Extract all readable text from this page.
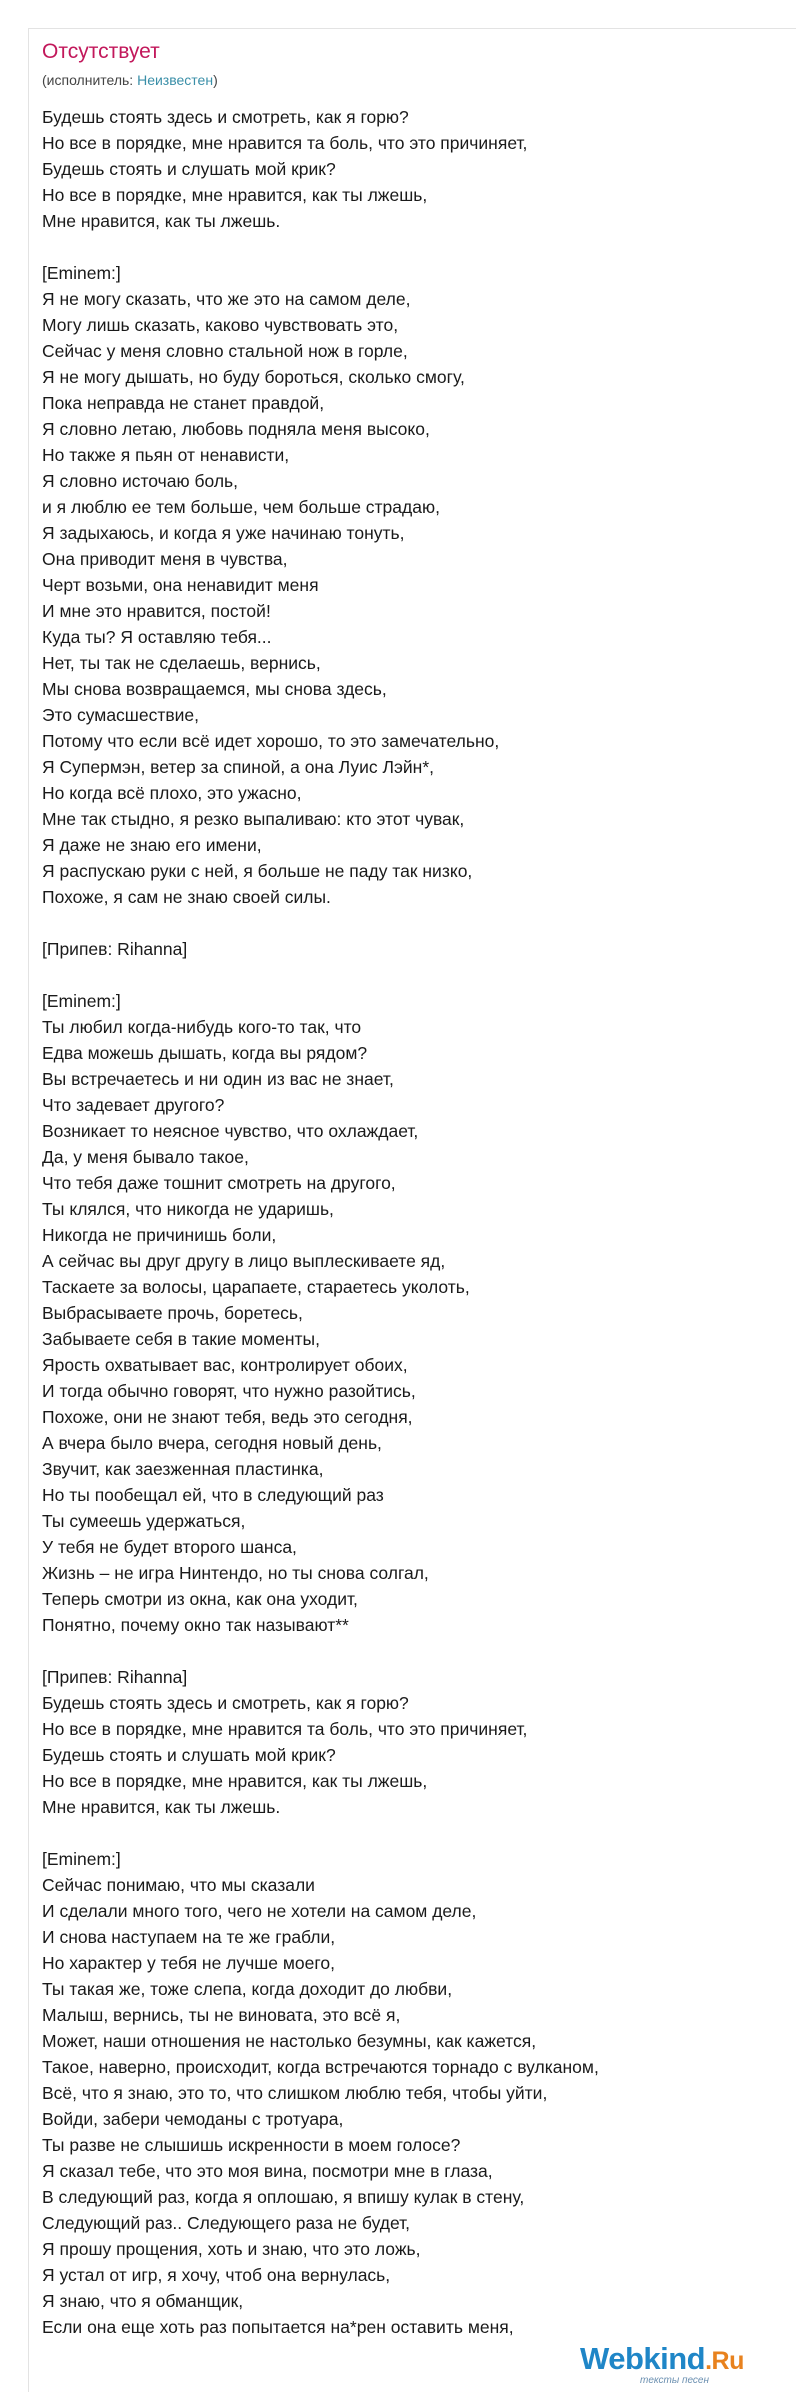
Отсутствует
(исполнитель: Неизвестен)
Будешь стоять здесь и смотреть, как я горю?
Но все в порядке, мне нравится та боль, что это причиняет,
Будешь стоять и слушать мой крик?
Но все в порядке, мне нравится, как ты лжешь,
Мне нравится, как ты лжешь.
[Eminem:]
Я не могу сказать, что же это на самом деле,
Могу лишь сказать, каково чувствовать это,
Сейчас у меня словно стальной нож в горле,
Я не могу дышать, но буду бороться, сколько смогу,
Пока неправда не станет правдой,
Я словно летаю, любовь подняла меня высоко,
Но также я пьян от ненависти,
Я словно источаю боль,
и я люблю ее тем больше, чем больше страдаю,
Я задыхаюсь, и когда я уже начинаю тонуть,
Она приводит меня в чувства,
Черт возьми, она ненавидит меня
И мне это нравится, постой!
Куда ты? Я оставляю тебя...
Нет, ты так не сделаешь, вернись,
Мы снова возвращаемся, мы снова здесь,
Это сумасшествие,
Потому что если всё идет хорошо, то это замечательно,
Я Супермэн, ветер за спиной, а она Луис Лэйн*,
Но когда всё плохо, это ужасно,
Мне так стыдно, я резко выпаливаю: кто этот чувак,
Я даже не знаю его имени,
Я распускаю руки с ней, я больше не паду так низко,
Похоже, я сам не знаю своей силы.
[Припев: Rihanna]
[Eminem:]
Ты любил когда-нибудь кого-то так, что
Едва можешь дышать, когда вы рядом?
Вы встречаетесь и ни один из вас не знает,
Что задевает другого?
Возникает то неясное чувство, что охлаждает,
Да, у меня бывало такое,
Что тебя даже тошнит смотреть на другого,
Ты клялся, что никогда не ударишь,
Никогда не причинишь боли,
А сейчас вы друг другу в лицо выплескиваете яд,
Таскаете за волосы, царапаете, стараетесь уколоть,
Выбрасываете прочь, боретесь,
Забываете себя в такие моменты,
Ярость охватывает вас, контролирует обоих,
И тогда обычно говорят, что нужно разойтись,
Похоже, они не знают тебя, ведь это сегодня,
А вчера было вчера, сегодня новый день,
Звучит, как заезженная пластинка,
Но ты пообещал ей, что в следующий раз
Ты сумеешь удержаться,
У тебя не будет второго шанса,
Жизнь – не игра Нинтендо, но ты снова солгал,
Теперь смотри из окна, как она уходит,
Понятно, почему окно так называют**
[Припев: Rihanna]
Будешь стоять здесь и смотреть, как я горю?
Но все в порядке, мне нравится та боль, что это причиняет,
Будешь стоять и слушать мой крик?
Но все в порядке, мне нравится, как ты лжешь,
Мне нравится, как ты лжешь.
[Eminem:]
Сейчас понимаю, что мы сказали
И сделали много того, чего не хотели на самом деле,
И снова наступаем на те же грабли,
Но характер у тебя не лучше моего,
Ты такая же, тоже слепа, когда доходит до любви,
Малыш, вернись, ты не виновата, это всё я,
Может, наши отношения не настолько безумны, как кажется,
Такое, наверно, происходит, когда встречаются торнадо с вулканом,
Всё, что я знаю, это то, что слишком люблю тебя, чтобы уйти,
Войди, забери чемоданы с тротуара,
Ты разве не слышишь искренности в моем голосе?
Я сказал тебе, что это моя вина, посмотри мне в глаза,
В следующий раз, когда я оплошаю, я впишу кулак в стену,
Следующий раз.. Следующего раза не будет,
Я прошу прощения, хоть и знаю, что это ложь,
Я устал от игр, я хочу, чтоб она вернулась,
Я знаю, что я обманщик,
Если она еще хоть раз попытается на*рен оставить меня,
Webkind.Ru
тексты песен
